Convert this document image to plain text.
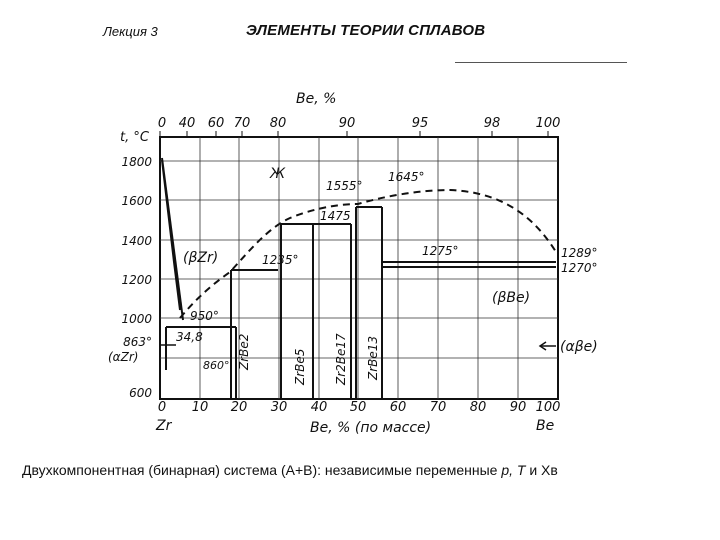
Лекция 3	ЭЛЕМЕНТЫ ТЕОРИИ СПЛАВОВ
Be, %
0 40 60 70 80	90	95	98	100
t, °C
1800
1600
1400
1200
1000
863°
600
(αZr)
0 10 20 30 40 50 60 70 80 90 100
Zr	Be
Be, % (по массе)
Ж
1555°
1645°
1475
(βZr)	1235°
1275°	1289°
1270°
(βBe)
950°
34,8
860°
(αβe)
ZrBe2	ZrBe5 Zr2Be17 ZrBe13
Двухкомпонентная (бинарная) система (А+В): независимые переменные p, T и Хв
